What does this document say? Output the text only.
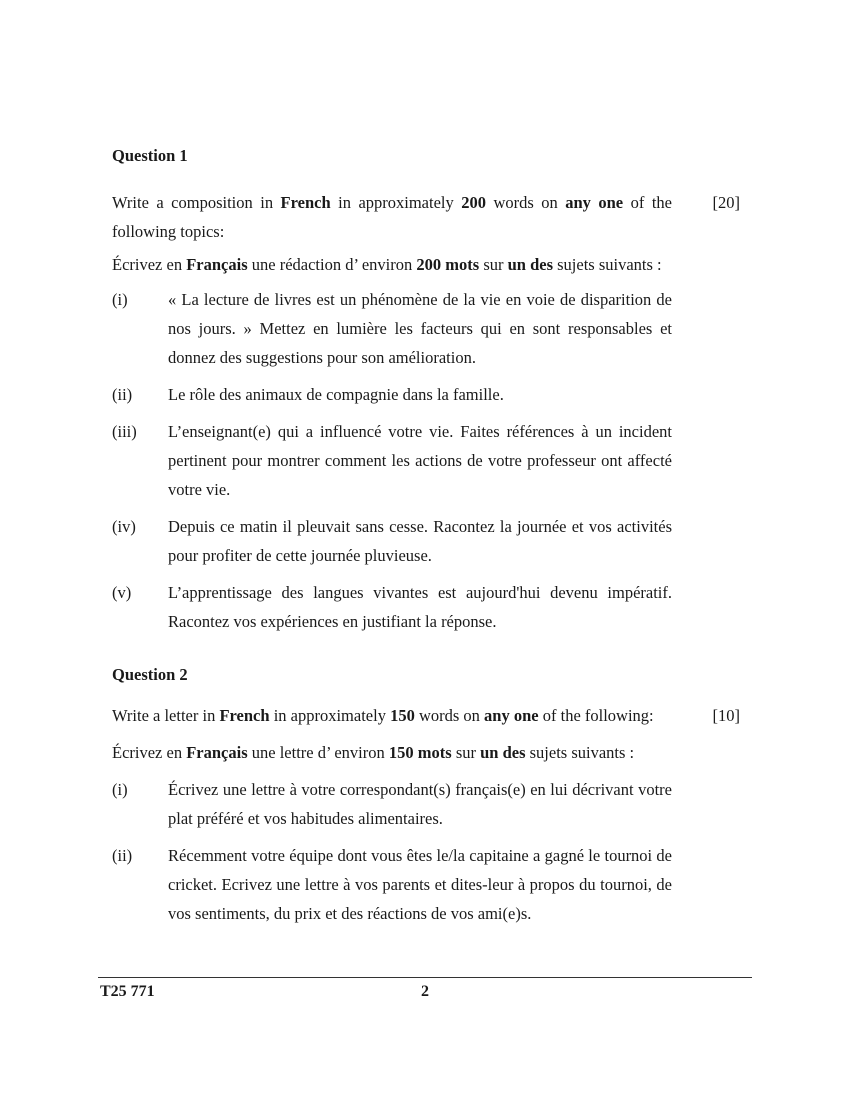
Question 1

Write a composition in French in approximately 200 words on any one of the following topics:

[20]

Écrivez en Français une rédaction d’ environ 200 mots sur un des sujets suivants :

(i)	« La lecture de livres est un phénomène de la vie en voie de disparition de nos jours. » Mettez en lumière les facteurs qui en sont responsables et donnez des suggestions pour son amélioration.
(ii)	Le rôle des animaux de compagnie dans la famille.
(iii)	L’enseignant(e) qui a influencé votre vie. Faites références à un incident pertinent pour montrer comment les actions de votre professeur ont affecté votre vie.
(iv)	Depuis ce matin il pleuvait sans cesse. Racontez la journée et vos activités pour profiter de cette journée pluvieuse.
(v)	L’apprentissage des langues vivantes est aujourd'hui devenu impératif. Racontez vos expériences en justifiant la réponse.
Question 2

Write a letter in French in approximately 150 words on any one of the following:	[10]

Écrivez en Français une lettre d’ environ 150 mots sur un des sujets suivants :

(i)	Écrivez une lettre à votre correspondant(s) français(e) en lui décrivant votre plat préféré et vos habitudes alimentaires.
(ii)	Récemment votre équipe dont vous êtes le/la capitaine a gagné le tournoi de cricket. Ecrivez une lettre à vos parents et dites-leur à propos du tournoi, de vos sentiments, du prix et des réactions de vos ami(e)s.
T25 771	2
